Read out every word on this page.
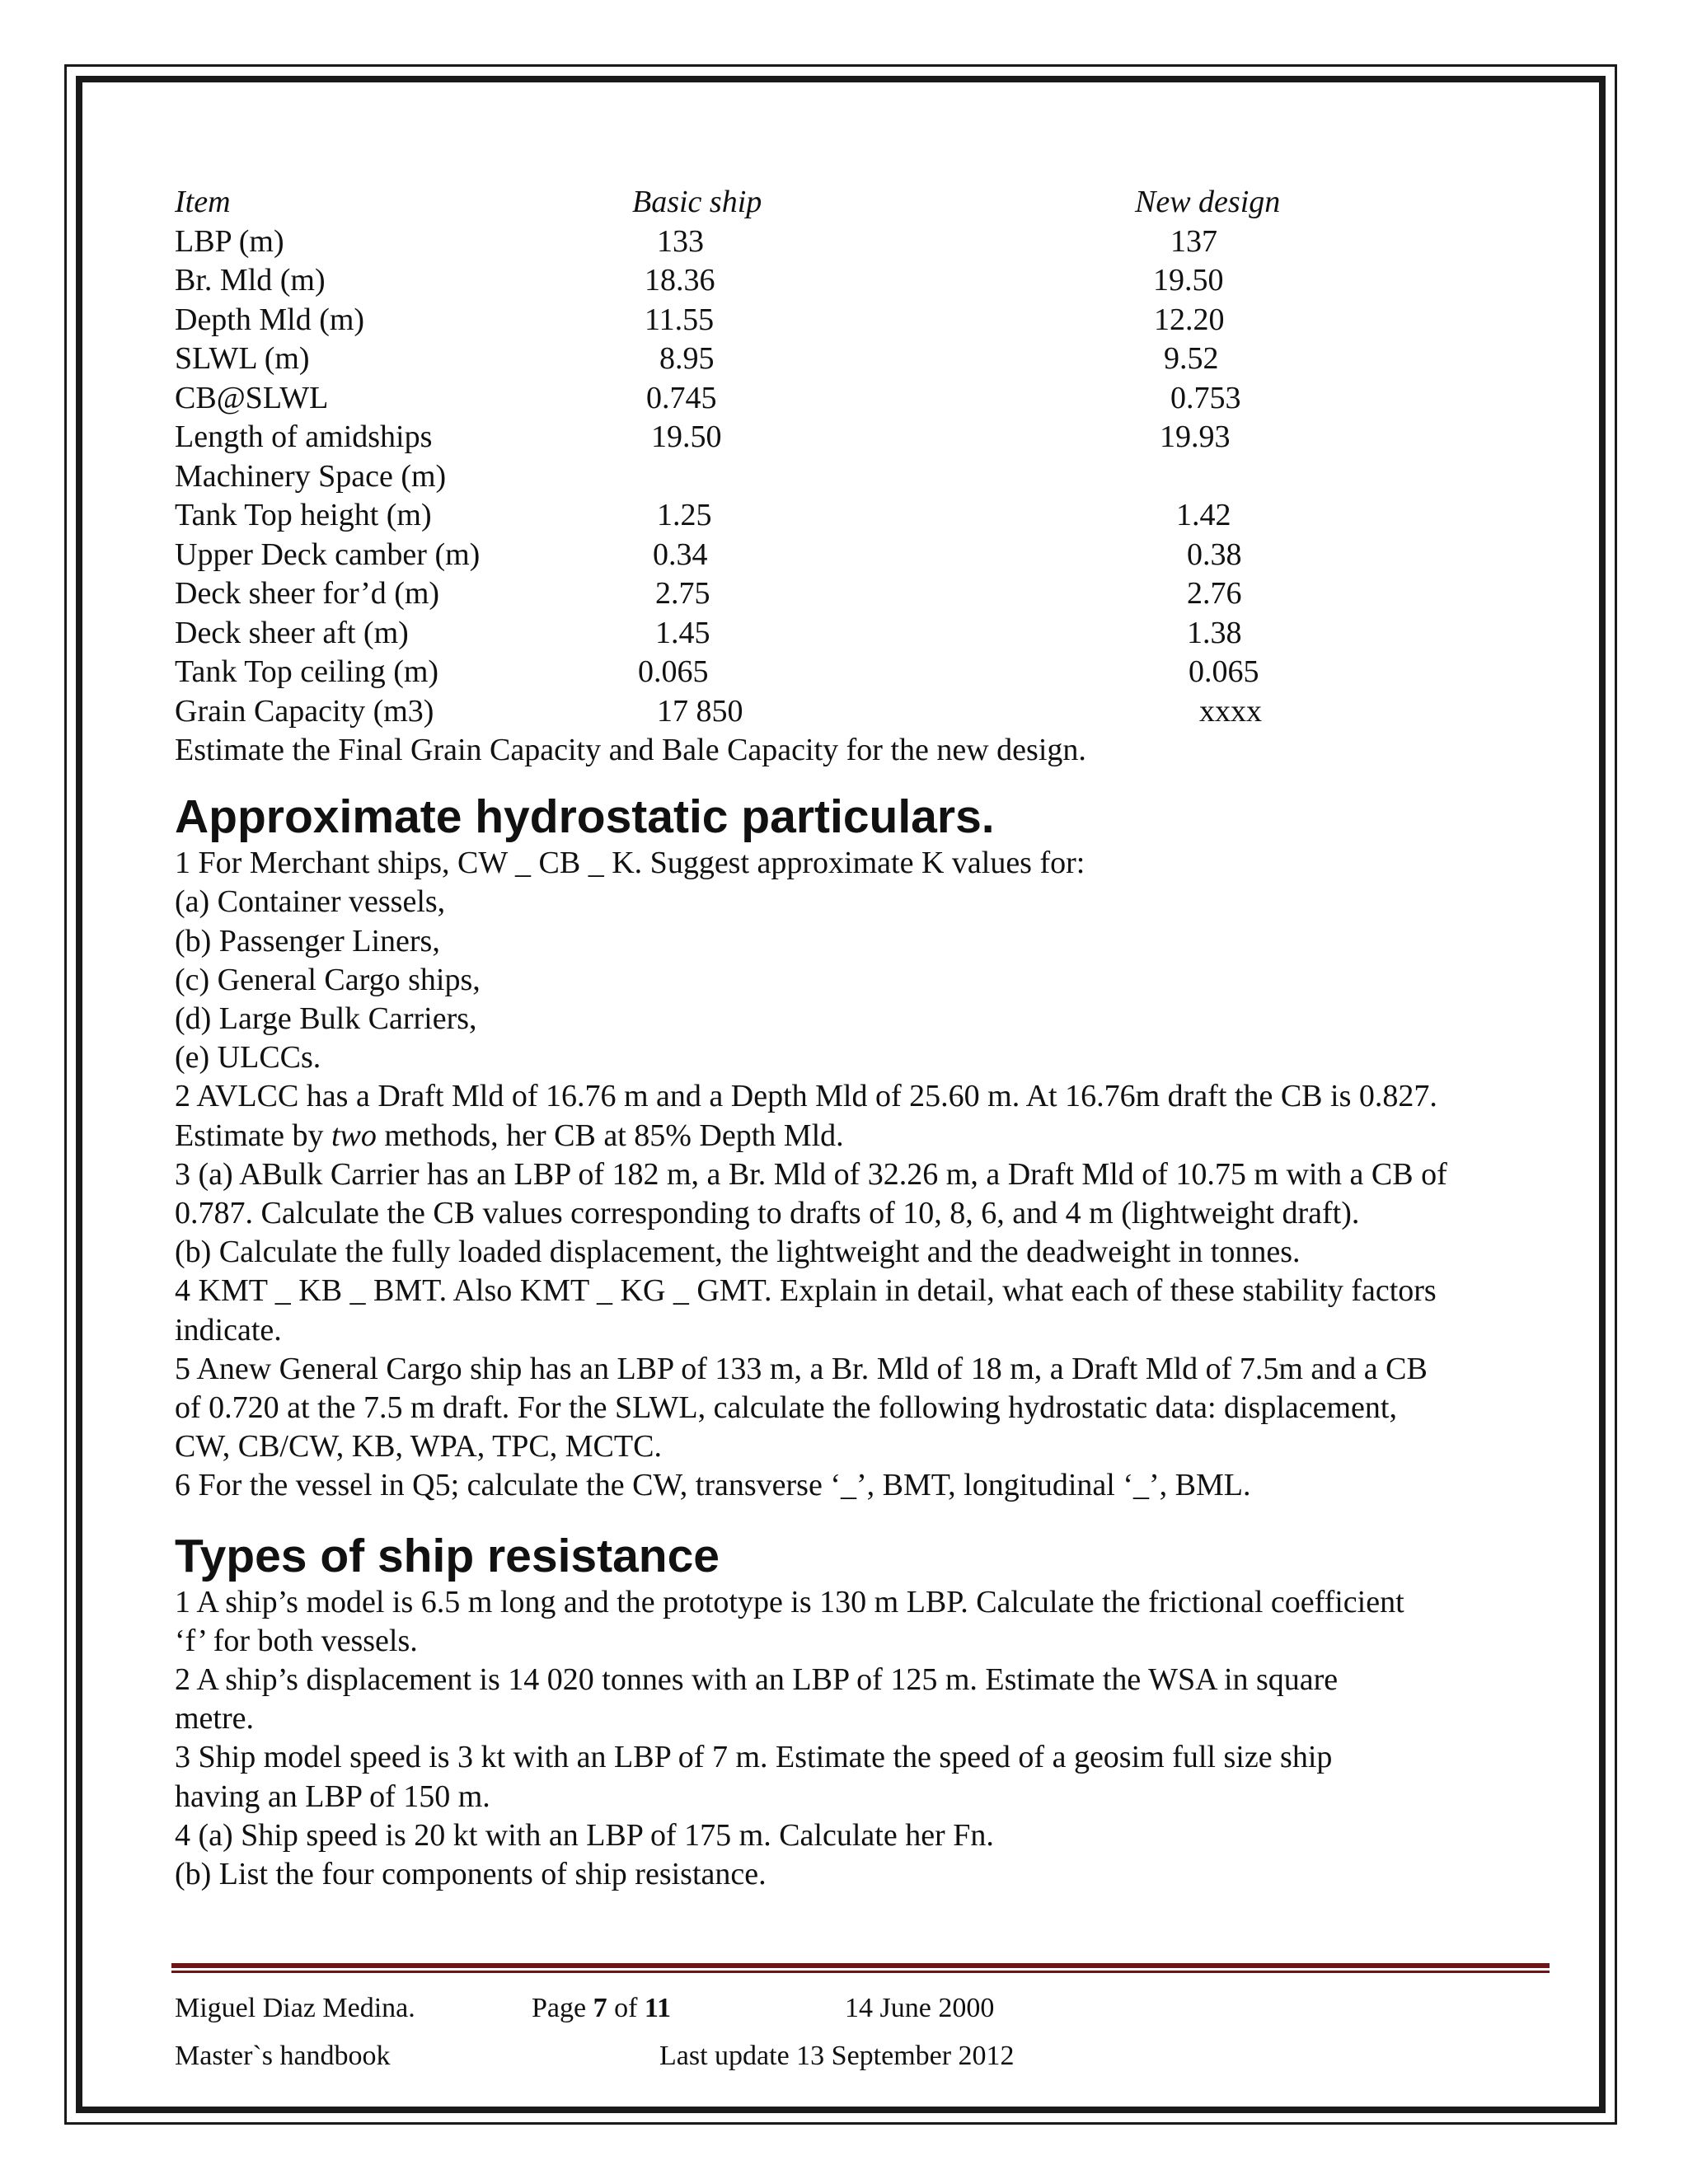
Item	Basic ship	New design
LBP (m)	133	137
Br. Mld (m)	18.36	19.50
Depth Mld (m)	11.55	12.20
SLWL (m)	8.95	9.52
CB@SLWL	0.745	0.753
Length of amidships	19.50	19.93
Machinery Space (m)
Tank Top height (m)	1.25	1.42
Upper Deck camber (m)	0.34	0.38
Deck sheer for’d (m)	2.75	2.76
Deck sheer aft (m)	1.45	1.38
Tank Top ceiling (m)	0.065	0.065
Grain Capacity (m3)	17 850	xxxx
Estimate the Final Grain Capacity and Bale Capacity for the new design.
Approximate hydrostatic particulars.
1 For Merchant ships, CW _ CB _ K. Suggest approximate K values for:
(a) Container vessels,
(b) Passenger Liners,
(c) General Cargo ships,
(d) Large Bulk Carriers,
(e) ULCCs.
2 AVLCC has a Draft Mld of 16.76 m and a Depth Mld of 25.60 m. At 16.76m draft the CB is 0.827.
Estimate by two methods, her CB at 85% Depth Mld.
3 (a) ABulk Carrier has an LBP of 182 m, a Br. Mld of 32.26 m, a Draft Mld of 10.75 m with a CB of
0.787. Calculate the CB values corresponding to drafts of 10, 8, 6, and 4 m (lightweight draft).
(b) Calculate the fully loaded displacement, the lightweight and the deadweight in tonnes.
4 KMT _ KB _ BMT. Also KMT _ KG _ GMT. Explain in detail, what each of these stability factors
indicate.
5 Anew General Cargo ship has an LBP of 133 m, a Br. Mld of 18 m, a Draft Mld of 7.5m and a CB
of 0.720 at the 7.5 m draft. For the SLWL, calculate the following hydrostatic data: displacement,
CW, CB/CW, KB, WPA, TPC, MCTC.
6 For the vessel in Q5; calculate the CW, transverse ‘_’, BMT, longitudinal ‘_’, BML.
Types of ship resistance
1 A ship’s model is 6.5 m long and the prototype is 130 m LBP. Calculate the frictional coefficient
‘f’ for both vessels.
2 A ship’s displacement is 14 020 tonnes with an LBP of 125 m. Estimate the WSA in square
metre.
3 Ship model speed is 3 kt with an LBP of 7 m. Estimate the speed of a geosim full size ship
having an LBP of 150 m.
4 (a) Ship speed is 20 kt with an LBP of 175 m. Calculate her Fn.
(b) List the four components of ship resistance.
Miguel Diaz Medina.	Page 7 of 11	14 June 2000
Master`s handbook	Last update 13 September 2012
